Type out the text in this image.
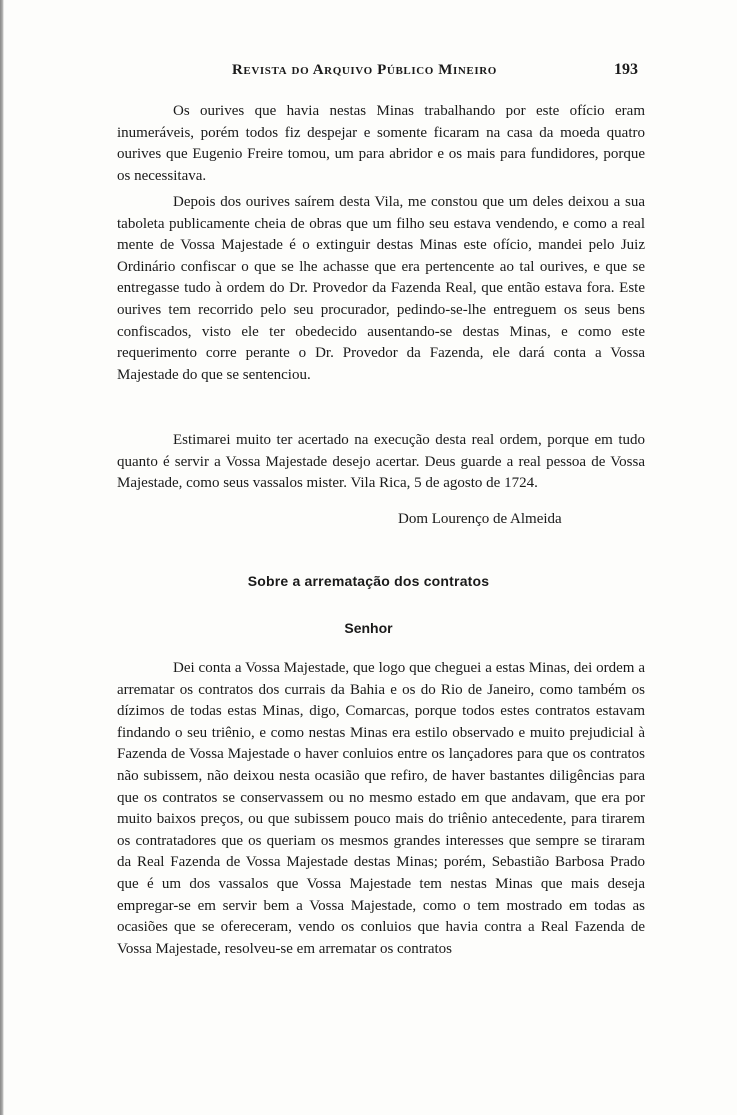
Revista do Arquivo Público Mineiro	193

Os ourives que havia nestas Minas trabalhando por este ofício eram inumeráveis, porém todos fiz despejar e somente ficaram na casa da moeda quatro ourives que Eugenio Freire tomou, um para abridor e os mais para fundidores, porque os necessitava.

Depois dos ourives saírem desta Vila, me constou que um deles deixou a sua taboleta publicamente cheia de obras que um filho seu estava vendendo, e como a real mente de Vossa Majestade é o extinguir destas Minas este ofício, mandei pelo Juiz Ordinário confiscar o que se lhe achasse que era pertencente ao tal ourives, e que se entregasse tudo à ordem do Dr. Provedor da Fazenda Real, que então estava fora. Este ourives tem recorrido pelo seu procurador, pedindo-se-lhe entreguem os seus bens confiscados, visto ele ter obedecido ausentando-se destas Minas, e como este requerimento corre perante o Dr. Provedor da Fazenda, ele dará conta a Vossa Majestade do que se sentenciou.

Estimarei muito ter acertado na execução desta real ordem, porque em tudo quanto é servir a Vossa Majestade desejo acertar. Deus guarde a real pessoa de Vossa Majestade, como seus vassalos mister. Vila Rica, 5 de agosto de 1724.

Dom Lourenço de Almeida
Sobre a arrematação dos contratos
Senhor

Dei conta a Vossa Majestade, que logo que cheguei a estas Minas, dei ordem a arrematar os contratos dos currais da Bahia e os do Rio de Janeiro, como também os dízimos de todas estas Minas, digo, Comarcas, porque todos estes contratos estavam findando o seu triênio, e como nestas Minas era estilo observado e muito prejudicial à Fazenda de Vossa Majestade o haver conluios entre os lançadores para que os contratos não subissem, não deixou nesta ocasião que refiro, de haver bastantes diligências para que os contratos se conservassem ou no mesmo estado em que andavam, que era por muito baixos preços, ou que subissem pouco mais do triênio antecedente, para tirarem os contratadores que os queriam os mesmos grandes interesses que sempre se tiraram da Real Fazenda de Vossa Majestade destas Minas; porém, Sebastião Barbosa Prado que é um dos vassalos que Vossa Majestade tem nestas Minas que mais deseja empregar-se em servir bem a Vossa Majestade, como o tem mostrado em todas as ocasiões que se ofereceram, vendo os conluios que havia contra a Real Fazenda de Vossa Majestade, resolveu-se em arrematar os contratos
